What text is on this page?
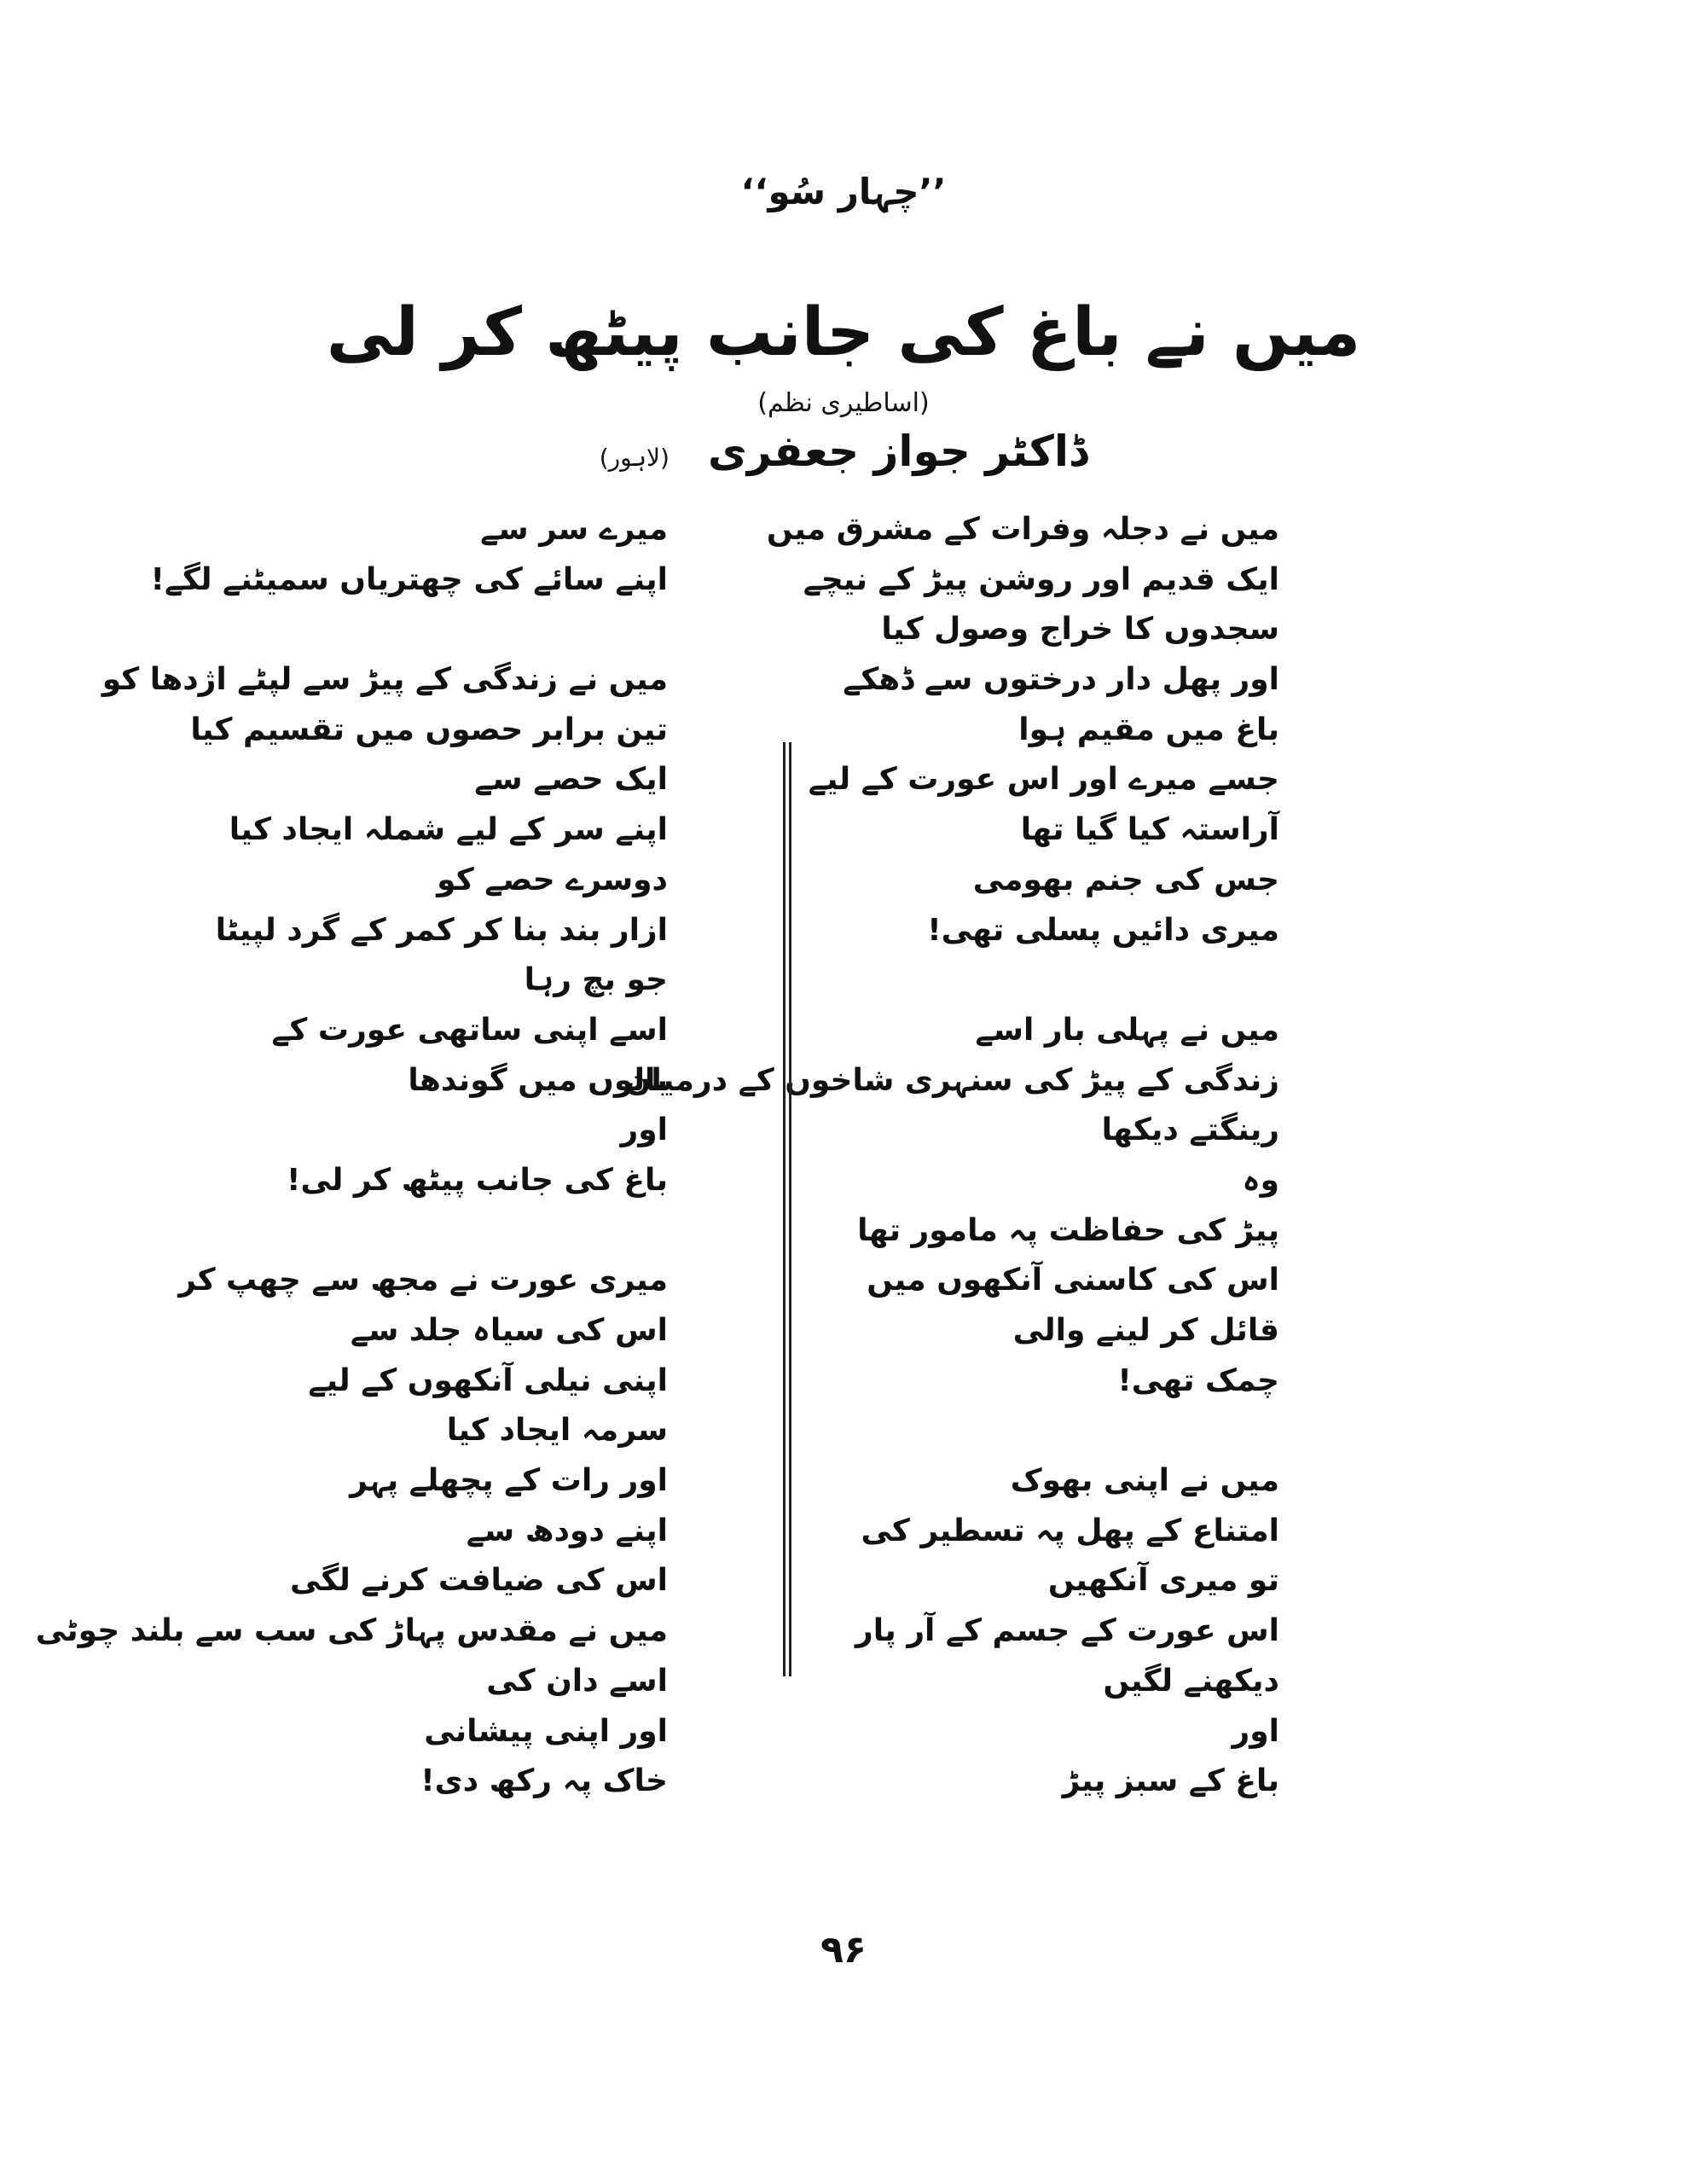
’’چہار سُو‘‘
میں نے باغ کی جانب پیٹھ کر لی
(اساطیری نظم)
ڈاکٹر جواز جعفری (لاہور)
میں نے دجلہ وفرات کے مشرق میں
ایک قدیم اور روشن پیڑ کے نیچے
سجدوں کا خراج وصول کیا
اور پھل دار درختوں سے ڈھکے
باغ میں مقیم ہوا
جسے میرے اور اس عورت کے لیے
آراستہ کیا گیا تھا
جس کی جنم بھومی
میری دائیں پسلی تھی!
میں نے پہلی بار اسے
زندگی کے پیڑ کی سنہری شاخوں کے درمیان
رینگتے دیکھا
وہ
پیڑ کی حفاظت پہ مامور تھا
اس کی کاسنی آنکھوں میں
قائل کر لینے والی
چمک تھی!
میں نے اپنی بھوک
امتناع کے پھل پہ تسطیر کی
تو میری آنکھیں
اس عورت کے جسم کے آر پار
دیکھنے لگیں
اور
باغ کے سبز پیڑ
میرے سر سے
اپنے سائے کی چھتریاں سمیٹنے لگے!
میں نے زندگی کے پیڑ سے لپٹے اژدھا کو
تین برابر حصوں میں تقسیم کیا
ایک حصے سے
اپنے سر کے لیے شملہ ایجاد کیا
دوسرے حصے کو
ازار بند بنا کر کمر کے گرد لپیٹا
جو بچ رہا
اسے اپنی ساتھی عورت کے
بالوں میں گوندھا
اور
باغ کی جانب پیٹھ کر لی!
میری عورت نے مجھ سے چھپ کر
اس کی سیاہ جلد سے
اپنی نیلی آنکھوں کے لیے
سرمہ ایجاد کیا
اور رات کے پچھلے پہر
اپنے دودھ سے
اس کی ضیافت کرنے لگی
میں نے مقدس پہاڑ کی سب سے بلند چوٹی
اسے دان کی
اور اپنی پیشانی
خاک پہ رکھ دی!
۹۶
